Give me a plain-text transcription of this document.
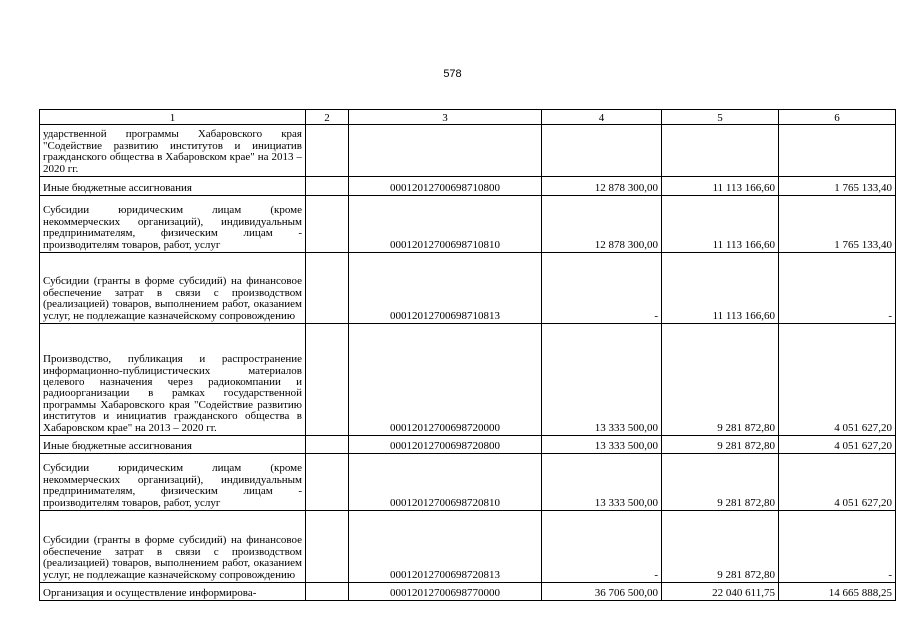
578
1	2	3	4	5	6
ударственной программы Хабаровского края "Содействие развитию институтов и инициатив гражданского общества в Хабаровском крае" на 2013 – 2020 гг.					
Иные бюджетные ассигнования		00012012700698710800	12 878 300,00	11 113 166,60	1 765 133,40
Субсидии юридическим лицам (кроме некоммерческих организаций), индивидуальным предпринимателям, физическим лицам - производителям товаров, работ, услуг		00012012700698710810	12 878 300,00	11 113 166,60	1 765 133,40
Субсидии (гранты в форме субсидий) на финансовое обеспечение затрат в связи с производством (реализацией) товаров, выполнением работ, оказанием услуг, не подлежащие казначейскому сопровождению		00012012700698710813	-	11 113 166,60	-
Производство, публикация и распространение информационно-публицистических материалов целевого назначения через радиокомпании и радиоорганизации в рамках государственной программы Хабаровского края "Содействие развитию институтов и инициатив гражданского общества в Хабаровском крае" на 2013 – 2020 гг.		00012012700698720000	13 333 500,00	9 281 872,80	4 051 627,20
Иные бюджетные ассигнования		00012012700698720800	13 333 500,00	9 281 872,80	4 051 627,20
Субсидии юридическим лицам (кроме некоммерческих организаций), индивидуальным предпринимателям, физическим лицам - производителям товаров, работ, услуг		00012012700698720810	13 333 500,00	9 281 872,80	4 051 627,20
Субсидии (гранты в форме субсидий) на финансовое обеспечение затрат в связи с производством (реализацией) товаров, выполнением работ, оказанием услуг, не подлежащие казначейскому сопровождению		00012012700698720813	-	9 281 872,80	-
Организация и осуществление информирова-		00012012700698770000	36 706 500,00	22 040 611,75	14 665 888,25
